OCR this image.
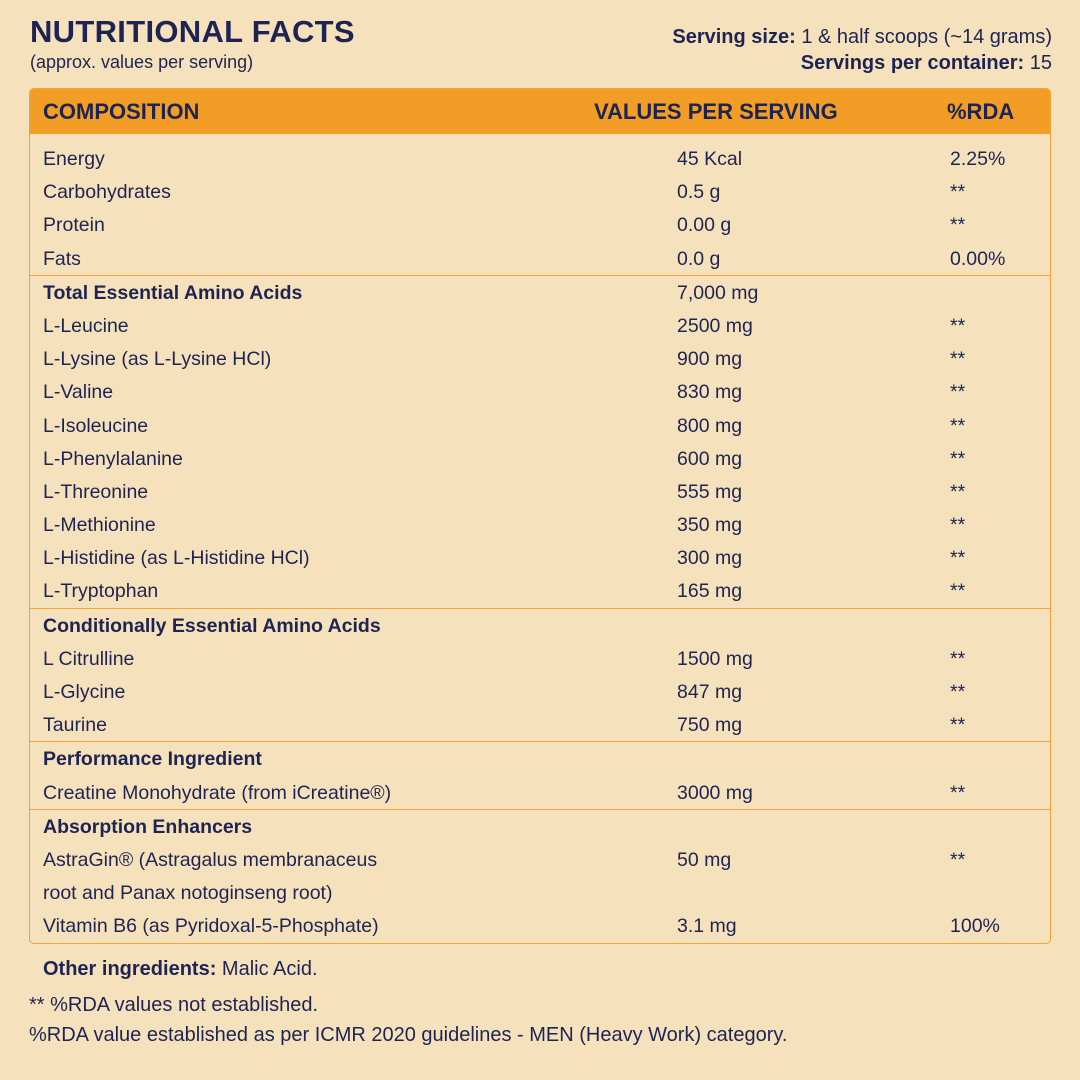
NUTRITIONAL FACTS
(approx. values per serving)
Serving size: 1 & half scoops (~14 grams)
Servings per container: 15
COMPOSITION	VALUES PER SERVING	%RDA
Energy	45 Kcal	2.25%
Carbohydrates	0.5 g	**
Protein	0.00 g	**
Fats	0.0 g	0.00%
Total Essential Amino Acids	7,000 mg
L-Leucine	2500 mg	**
L-Lysine (as L-Lysine HCl)	900 mg	**
L-Valine	830 mg	**
L-Isoleucine	800 mg	**
L-Phenylalanine	600 mg	**
L-Threonine	555 mg	**
L-Methionine	350 mg	**
L-Histidine (as L-Histidine HCl)	300 mg	**
L-Tryptophan	165 mg	**
Conditionally Essential Amino Acids
L Citrulline	1500 mg	**
L-Glycine	847 mg	**
Taurine	750 mg	**
Performance Ingredient
Creatine Monohydrate (from iCreatine®)	3000 mg	**
Absorption Enhancers
AstraGin® (Astragalus membranaceus	50 mg	**
root and Panax notoginseng root)
Vitamin B6 (as Pyridoxal-5-Phosphate)	3.1 mg	100%
Other ingredients: Malic Acid.
** %RDA values not established.
%RDA value established as per ICMR 2020 guidelines - MEN (Heavy Work) category.
